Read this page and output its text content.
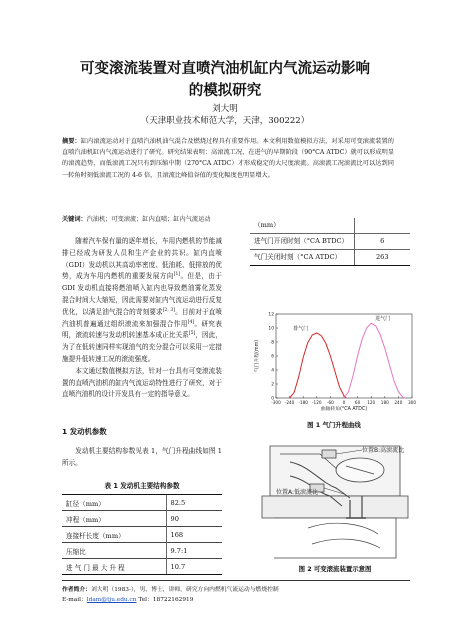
可变滚流装置对直喷汽油机缸内气流运动影响
的模拟研究
刘大明
（天津职业技术师范大学，天津，300222）
摘要：缸内滚流运动对于直喷汽油机油气混合及燃烧过程具有重要作用。本文利用数值模拟方法，对采用可变滚流装置的直喷汽油机缸内气流运动进行了研究。研究结果表明：高滚流工况，在进气的早期阶段（90°CA ATDC）就可以形成明显的滚流趋势，而低滚流工况只有到压缩中期（270°CA ATDC）才形成稳定的大尺度滚流。高滚流工况滚流比可以达到同一转角时刻低滚流工况的 4-6 倍，且滚流比峰值谷值的变化幅度也明显增大。
关键词：汽油机；可变滚流；缸内直喷；缸内气流运动

随着汽车保有量的逐年增长，车用内燃机的节能减排已经成为研发人员和生产企业的共识。缸内直喷（GDI）发动机以其高动率密度、低油耗、低排放的优势，成为车用内燃机的重要发展方向[1]。但是，由于 GDI 发动机直接将燃油喷入缸内也导致燃油雾化蒸发混合时间大大缩短，因此需要对缸内气流运动进行反复优化，以满足油气混合的苛刻要求[2, 3]。目前对于直喷汽油机普遍通过组织滚流来加强混合作用[4]。研究表明，滚流转速与发动机转速基本成正比关系[5]，因此，为了在低转速同样实现油气的充分混合可以采用一定措施提升低转速工况的滚流强度。

本文通过数值模拟方法，针对一台具有可变滚流装置的直喷汽油机的缸内气流运动特性进行了研究，对于直喷汽油机的设计开发具有一定的指导意义。

1 发动机参数
发动机主要结构参数见表 1，气门升程曲线如图 1 所示。
表 1 发动机主要结构参数
缸径（mm）	82.5
冲程（mm）	90
连接杆长度（mm）	168
压缩比	9.7:1
进 气 门 最 大 升 程	10.7
（mm）	
进气门开闭时刻（°CA BTDC）	6
气门关闭时刻（°CA ATDC）	263
-300 -240 -180 -120 -60 0 60 120 180 240 300
0
2
4
6
8
10
12
曲轴转角(°CA ATDC)
气门升程(mm)
排气门
进气门
图 1 气门升程曲线
位置B:高滚流比
位置A:低滚流比
图 2 可变滚流装置示意图
作者简介：刘大明（1983-），男，博士，讲师，研究方向内燃机气流运动与燃烧控制
E-mail：ldam@tju.edu.cn Tel：18722162919
